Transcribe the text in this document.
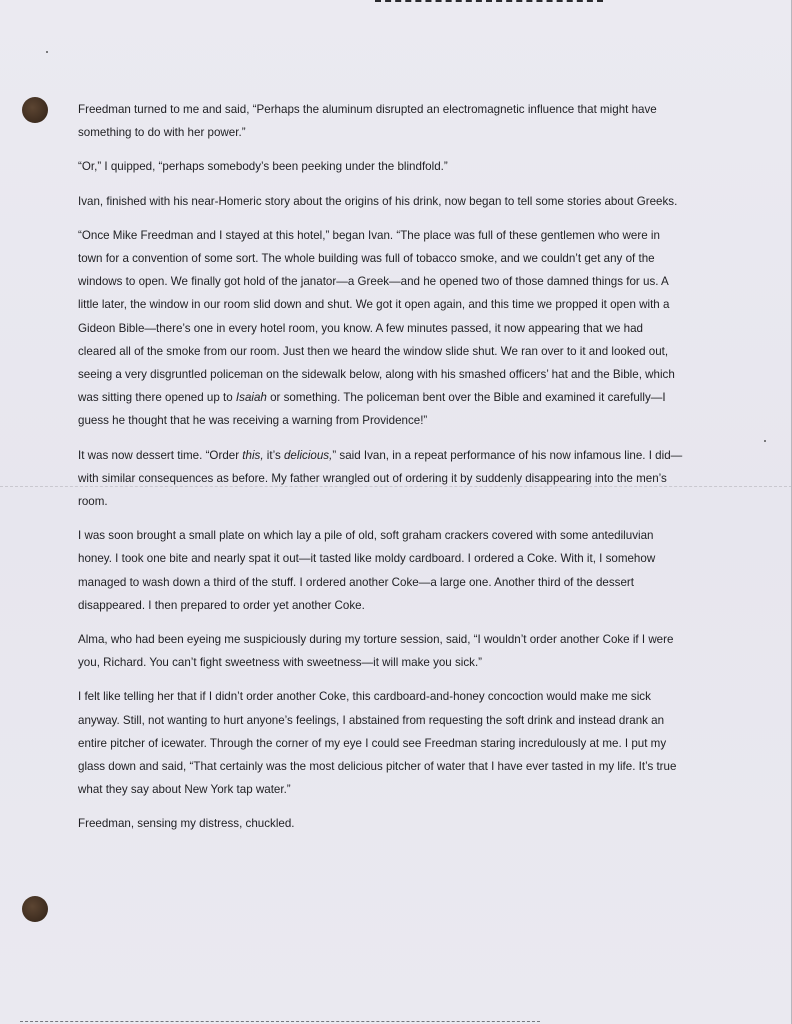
Freedman turned to me and said, “Perhaps the aluminum disrupted an electromagnetic influence that might have something to do with her power.”

“Or,” I quipped, “perhaps somebody’s been peeking under the blindfold.”

Ivan, finished with his near-Homeric story about the origins of his drink, now began to tell some stories about Greeks.

“Once Mike Freedman and I stayed at this hotel,” began Ivan. “The place was full of these gentlemen who were in town for a convention of some sort. The whole building was full of tobacco smoke, and we couldn’t get any of the windows to open. We finally got hold of the janator—a Greek—and he opened two of those damned things for us. A little later, the window in our room slid down and shut. We got it open again, and this time we propped it open with a Gideon Bible—there’s one in every hotel room, you know. A few minutes passed, it now appearing that we had cleared all of the smoke from our room. Just then we heard the window slide shut. We ran over to it and looked out, seeing a very disgruntled policeman on the sidewalk below, along with his smashed officers’ hat and the Bible, which was sitting there opened up to Isaiah or something. The policeman bent over the Bible and examined it carefully—I guess he thought that he was receiving a warning from Providence!”

It was now dessert time. “Order this, it’s delicious,” said Ivan, in a repeat performance of his now infamous line. I did—with similar consequences as before. My father wrangled out of ordering it by suddenly disappearing into the men’s room.

I was soon brought a small plate on which lay a pile of old, soft graham crackers covered with some antediluvian honey. I took one bite and nearly spat it out—it tasted like moldy cardboard. I ordered a Coke. With it, I somehow managed to wash down a third of the stuff. I ordered another Coke—a large one. Another third of the dessert disappeared. I then prepared to order yet another Coke.

Alma, who had been eyeing me suspiciously during my torture session, said, “I wouldn’t order another Coke if I were you, Richard. You can’t fight sweetness with sweetness—it will make you sick.”

I felt like telling her that if I didn’t order another Coke, this cardboard-and-honey concoction would make me sick anyway. Still, not wanting to hurt anyone’s feelings, I abstained from requesting the soft drink and instead drank an entire pitcher of icewater. Through the corner of my eye I could see Freedman staring incredulously at me. I put my glass down and said, “That certainly was the most delicious pitcher of water that I have ever tasted in my life. It’s true what they say about New York tap water.”

Freedman, sensing my distress, chuckled.
